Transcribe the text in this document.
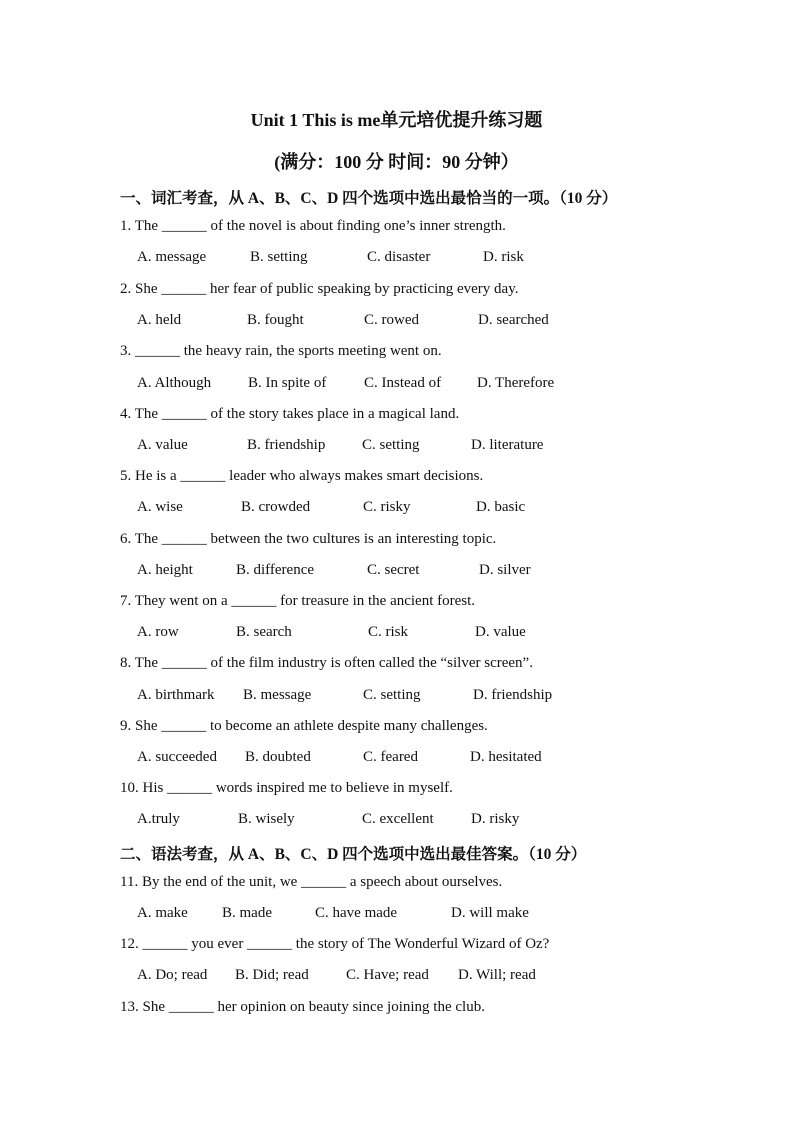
Unit 1 This is me单元培优提升练习题
(满分：100 分 时间：90 分钟）
一、词汇考查，从 A、B、C、D 四个选项中选出最恰当的一项。（10 分）
1. The ______ of the novel is about finding one’s inner strength.
A. message	B. setting	C. disaster	D. risk
2. She ______ her fear of public speaking by practicing every day.
A. held	B. fought	C. rowed	D. searched
3. ______ the heavy rain, the sports meeting went on.
A. Although B. In spite of	C. Instead of D. Therefore
4. The ______ of the story takes place in a magical land.
A. value	B. friendship C. setting	D. literature
5. He is a ______ leader who always makes smart decisions.
A. wise	B. crowded	C. risky	D. basic
6. The ______ between the two cultures is an interesting topic.
A. height	B. difference	C. secret	D. silver
7. They went on a ______ for treasure in the ancient forest.
A. row	B. search	C. risk	D. value
8. The ______ of the film industry is often called the “silver screen”.
A. birthmark B. message	C. setting	D. friendship
9. She ______ to become an athlete despite many challenges.
A. succeeded B. doubted	C. feared	D. hesitated
10. His ______ words inspired me to believe in myself.
A.truly	B. wisely	C. excellent D. risky
二、语法考查，从 A、B、C、D 四个选项中选出最佳答案。（10 分）
11. By the end of the unit, we ______ a speech about ourselves.
A. make B. made	C. have made	D. will make
12. ______ you ever ______ the story of The Wonderful Wizard of Oz?
A. Do; read B. Did; read C. Have; read D. Will; read
13. She ______ her opinion on beauty since joining the club.
